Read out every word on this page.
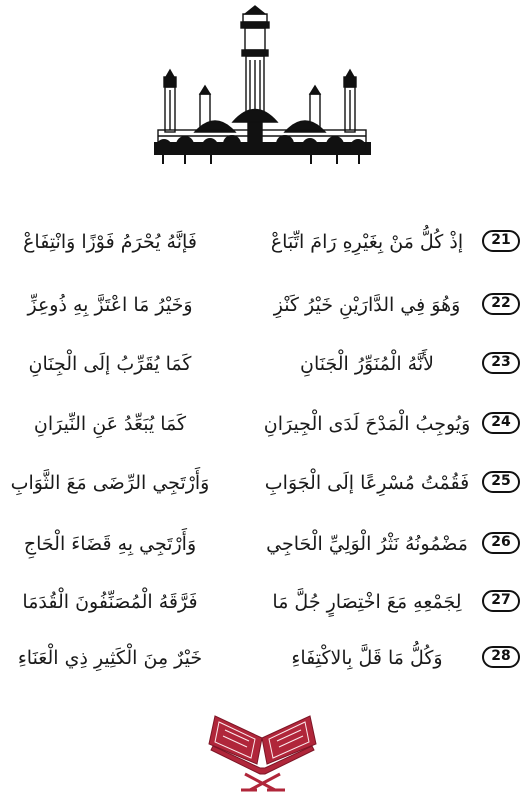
فَإنَّهُ يُحْرَمُ فَوْزًا وَانْتِفَاعْ	إذْ كُلُّ مَنْ بِغَيْرِهِ رَامَ اتِّبَاعْ	21
وَخَيْرُ مَا اعْتَزَّ بِهِ ذُوعِزِّ	وَهُوَ فِي الدَّارَيْنِ خَيْرُ كَنْزِ	22
كَمَا يُقَرِّبُ إلَى الْجِنَانِ	لأَنَّهُ الْمُنَوِّرُ الْجَنَانِ	23
كَمَا يُبَعِّدُ عَنِ النِّيرَانِ	وَيُوجِبُ الْمَدْحَ لَدَى الْجِيرَانِ	24
وَأَرْتَجِي الرِّضَى مَعَ الثَّوَابِ	فَقُمْتُ مُسْرِعًا إلَى الْجَوَابِ	25
وَأَرْتَجِي بِهِ قَضَاءَ الْحَاجِ	مَضْمُونُهُ نَثْرُ الْوَلِيِّ الْحَاجِي	26
فَرَّقَهُ الْمُصَنِّفُونَ الْقُدَمَا	لِجَمْعِهِ مَعَ اخْتِصَارٍ جُلَّ مَا	27
خَيْرٌ مِنَ الْكَثِيرِ ذِي الْعَنَاءِ	وَكُلُّ مَا قَلَّ بِالاكْتِفَاءِ	28
